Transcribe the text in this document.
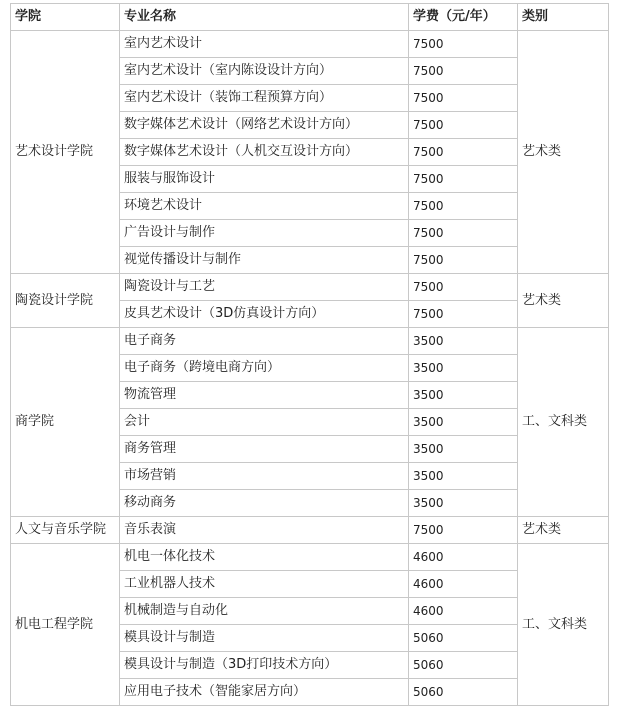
学院	专业名称	学费（元/年）	类别
艺术设计学院	室内艺术设计	7500	艺术类
	室内艺术设计（室内陈设设计方向）	7500	
	室内艺术设计（装饰工程预算方向）	7500	
	数字媒体艺术设计（网络艺术设计方向）	7500	
	数字媒体艺术设计（人机交互设计方向）	7500	
	服装与服饰设计	7500	
	环境艺术设计	7500	
	广告设计与制作	7500	
	视觉传播设计与制作	7500	
陶瓷设计学院	陶瓷设计与工艺	7500	艺术类
	皮具艺术设计（3D仿真设计方向）	7500	
商学院	电子商务	3500	工、文科类
	电子商务（跨境电商方向）	3500	
	物流管理	3500	
	会计	3500	
	商务管理	3500	
	市场营销	3500	
	移动商务	3500	
人文与音乐学院	音乐表演	7500	艺术类
机电工程学院	机电一体化技术	4600	工、文科类
	工业机器人技术	4600	
	机械制造与自动化	4600	
	模具设计与制造	5060	
	模具设计与制造（3D打印技术方向）	5060	
	应用电子技术（智能家居方向）	5060	
